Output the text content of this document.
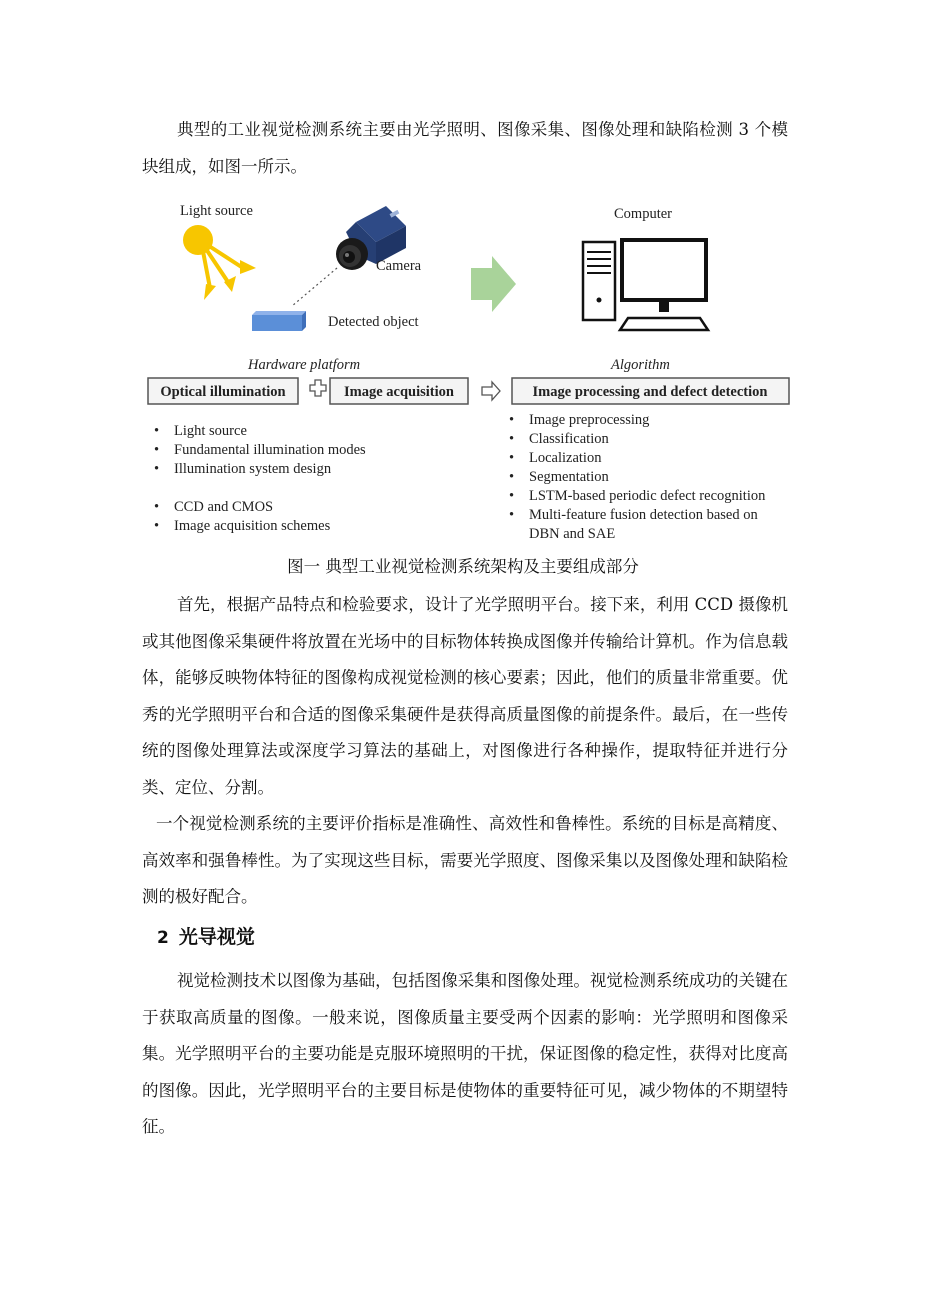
典型的工业视觉检测系统主要由光学照明、图像采集、图像处理和缺陷检测 3 个模块组成，如图一所示。

Light source
Camera
Detected object
Computer
Hardware platform	Algorithm
Optical illumination	Image acquisition	Image processing and defect detection
• Light source
• Fundamental illumination modes
• Illumination system design
• CCD and CMOS
• Image acquisition schemes
• Image preprocessing
• Classification
• Localization
• Segmentation
• LSTM-based periodic defect recognition
• Multi-feature fusion detection based on
DBN and SAE
图一 典型工业视觉检测系统架构及主要组成部分

首先，根据产品特点和检验要求，设计了光学照明平台。接下来，利用 CCD 摄像机或其他图像采集硬件将放置在光场中的目标物体转换成图像并传输给计算机。作为信息载体，能够反映物体特征的图像构成视觉检测的核心要素；因此，他们的质量非常重要。优秀的光学照明平台和合适的图像采集硬件是获得高质量图像的前提条件。最后，在一些传统的图像处理算法或深度学习算法的基础上，对图像进行各种操作，提取特征并进行分类、定位、分割。

一个视觉检测系统的主要评价指标是准确性、高效性和鲁棒性。系统的目标是高精度、高效率和强鲁棒性。为了实现这些目标，需要光学照度、图像采集以及图像处理和缺陷检测的极好配合。

2 光导视觉

视觉检测技术以图像为基础，包括图像采集和图像处理。视觉检测系统成功的关键在于获取高质量的图像。一般来说，图像质量主要受两个因素的影响：光学照明和图像采集。光学照明平台的主要功能是克服环境照明的干扰，保证图像的稳定性，获得对比度高的图像。因此，光学照明平台的主要目标是使物体的重要特征可见，减少物体的不期望特征。
